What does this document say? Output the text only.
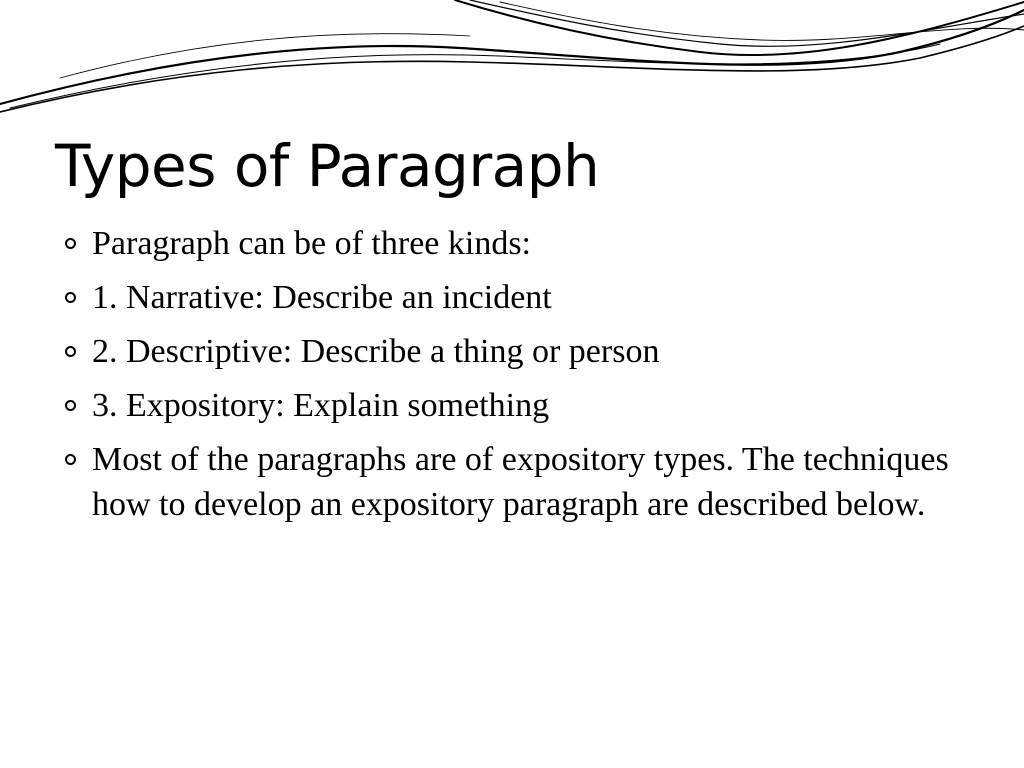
Types of Paragraph
Paragraph can be of three kinds:
1. Narrative: Describe an incident
2. Descriptive: Describe a thing or person
3. Expository: Explain something
Most of the paragraphs are of expository types. The techniques how to develop an expository paragraph are described below.
